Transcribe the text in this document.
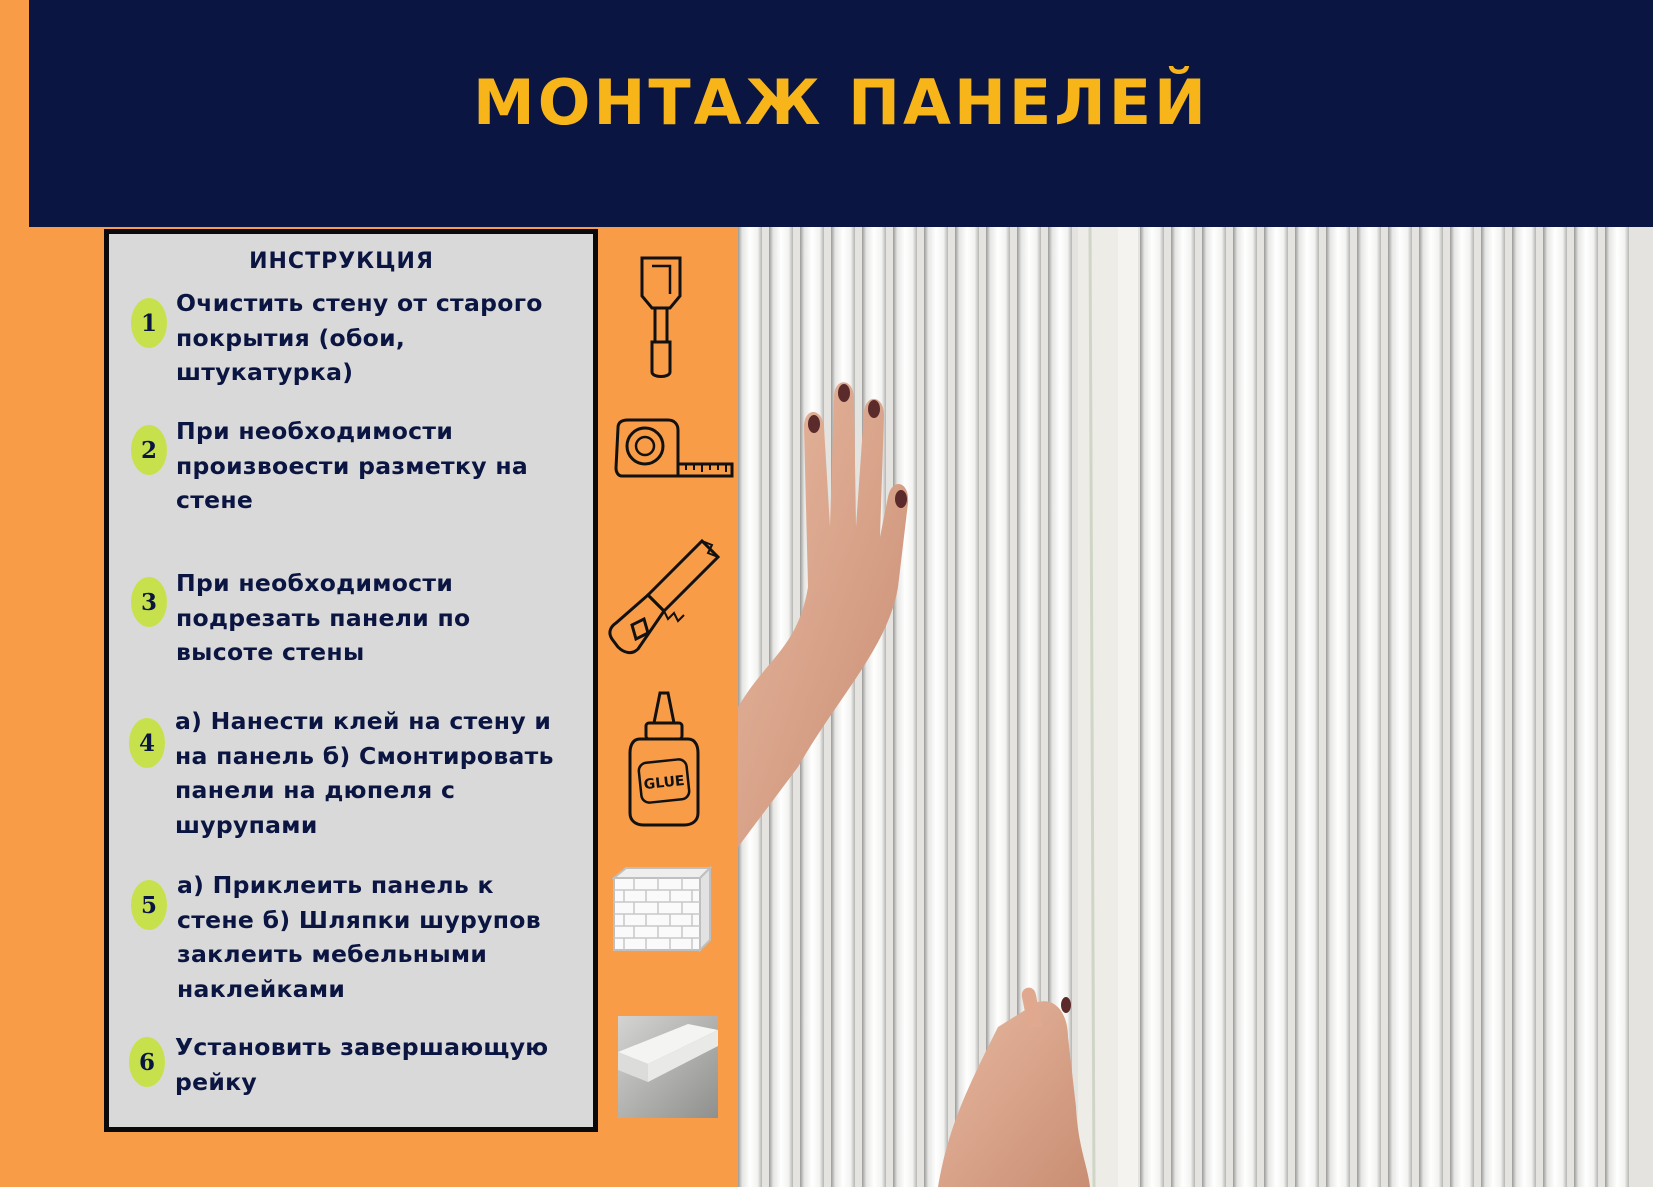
МОНТАЖ ПАНЕЛЕЙ
ИНСТРУКЦИЯ
1
Очистить стену от старого покрытия (обои, штукатурка)
2
При необходимости произвоести разметку на стене
3
При необходимости подрезать панели по высоте стены
4
а) Нанести клей на стену и на панель б) Смонтировать панели на дюпеля с шурупами
5
а) Приклеить панель к стене б) Шляпки шурупов заклеить мебельными наклейками
6
Установить завершающую рейку
GLUE
